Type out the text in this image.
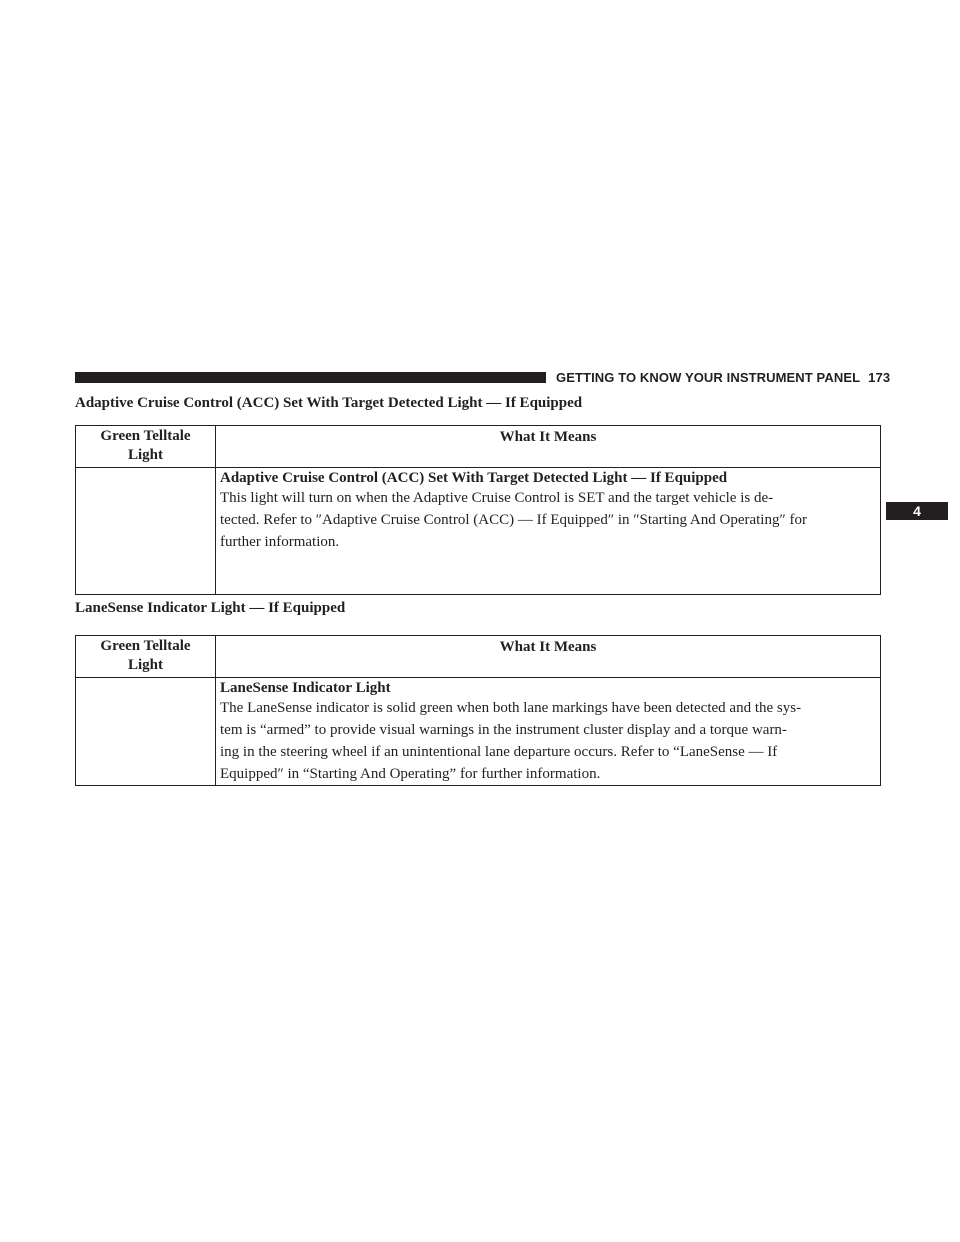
GETTING TO KNOW YOUR INSTRUMENT PANEL 173
4
Adaptive Cruise Control (ACC) Set With Target Detected Light — If Equipped
Green Telltale
Light	What It Means

	Adaptive Cruise Control (ACC) Set With Target Detected Light — If Equipped
This light will turn on when the Adaptive Cruise Control is SET and the target vehicle is de-
tected. Refer to ″Adaptive Cruise Control (ACC) — If Equipped″ in ″Starting And Operating″ for
further information.
LaneSense Indicator Light — If Equipped
Green Telltale
Light	What It Means

	LaneSense Indicator Light
The LaneSense indicator is solid green when both lane markings have been detected and the sys-
tem is “armed” to provide visual warnings in the instrument cluster display and a torque warn-
ing in the steering wheel if an unintentional lane departure occurs. Refer to “LaneSense — If
Equipped″ in “Starting And Operating” for further information.
